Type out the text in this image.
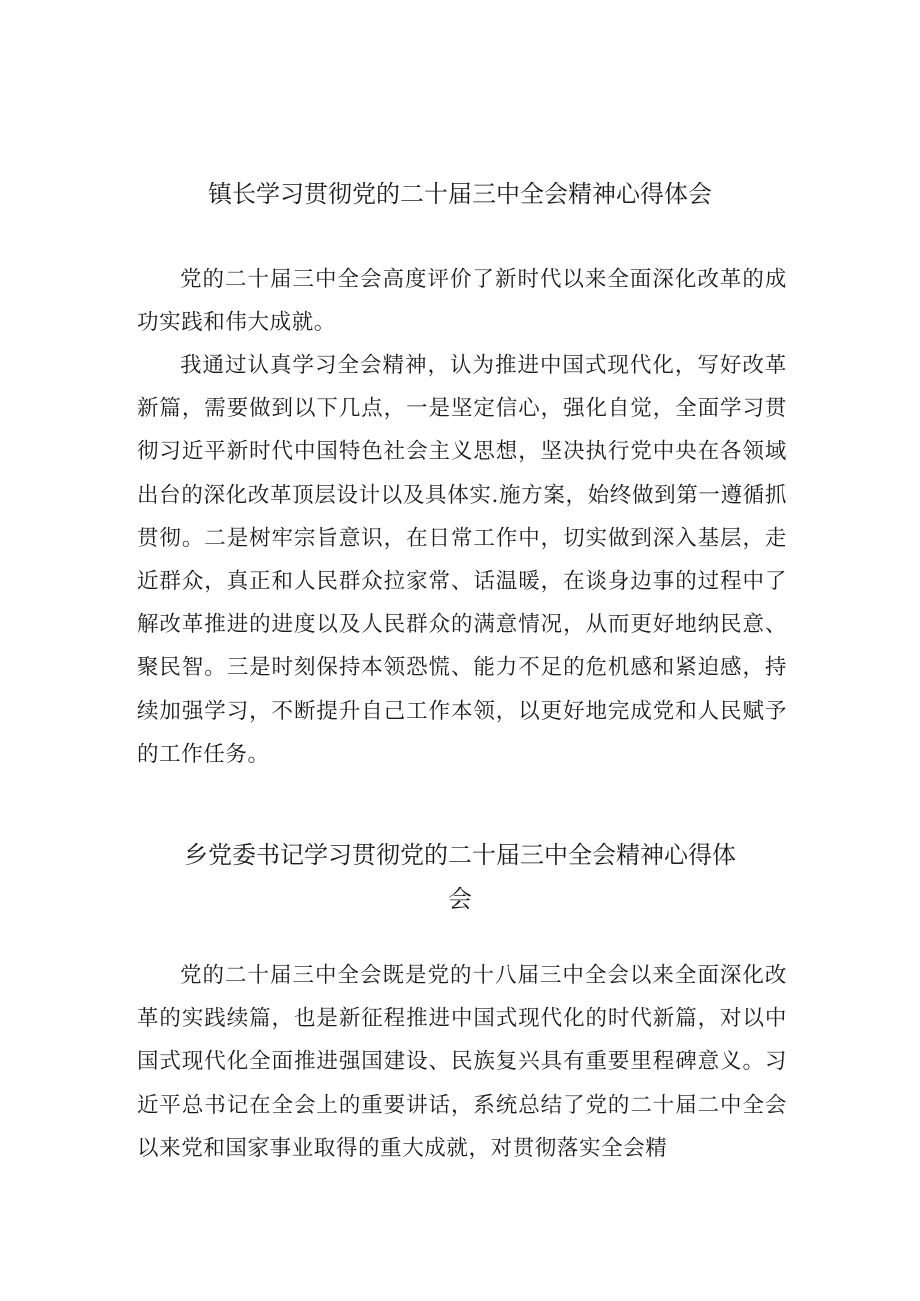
镇长学习贯彻党的二十届三中全会精神心得体会

党的二十届三中全会高度评价了新时代以来全面深化改革的成功实践和伟大成就。

我通过认真学习全会精神，认为推进中国式现代化，写好改革新篇，需要做到以下几点，一是坚定信心，强化自觉，全面学习贯彻习近平新时代中国特色社会主义思想，坚决执行党中央在各领域出台的深化改革顶层设计以及具体实.施方案，始终做到第一遵循抓贯彻。二是树牢宗旨意识，在日常工作中，切实做到深入基层，走近群众，真正和人民群众拉家常、话温暖，在谈身边事的过程中了解改革推进的进度以及人民群众的满意情况，从而更好地纳民意、聚民智。三是时刻保持本领恐慌、能力不足的危机感和紧迫感，持续加强学习，不断提升自己工作本领，以更好地完成党和人民赋予的工作任务。

乡党委书记学习贯彻党的二十届三中全会精神心得体会

党的二十届三中全会既是党的十八届三中全会以来全面深化改革的实践续篇，也是新征程推进中国式现代化的时代新篇，对以中国式现代化全面推进强国建设、民族复兴具有重要里程碑意义。习近平总书记在全会上的重要讲话，系统总结了党的二十届二中全会以来党和国家事业取得的重大成就，对贯彻落实全会精
